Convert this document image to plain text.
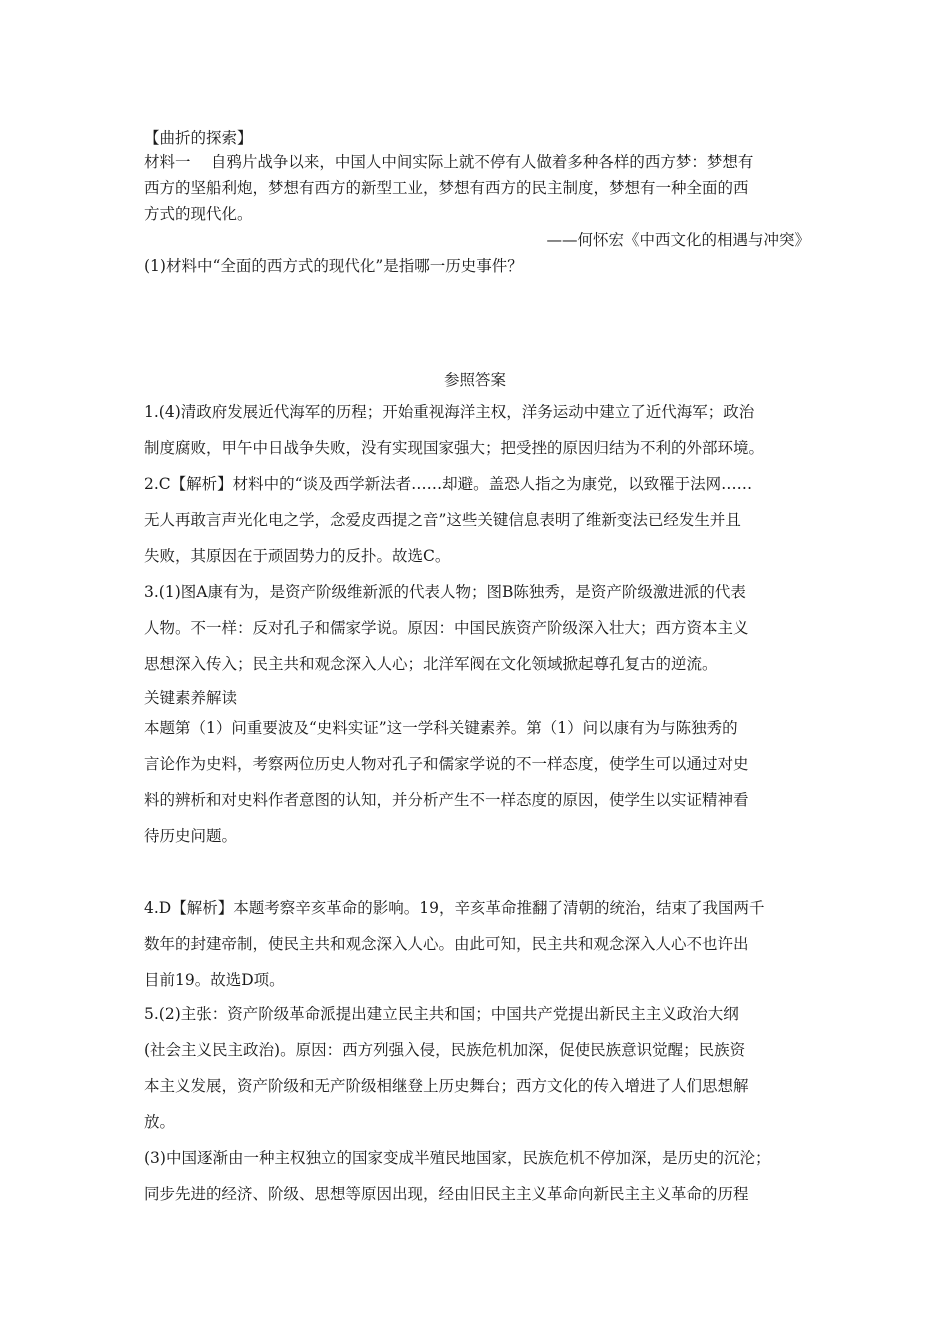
【曲折的探索】
材料一　 自鸦片战争以来，中国人中间实际上就不停有人做着多种各样的西方梦：梦想有
西方的坚船利炮，梦想有西方的新型工业，梦想有西方的民主制度，梦想有一种全面的西
方式的现代化。
——何怀宏《中西文化的相遇与冲突》
(1)材料中“全面的西方式的现代化”是指哪一历史事件？
参照答案
1.(4)清政府发展近代海军的历程；开始重视海洋主权，洋务运动中建立了近代海军；政治
制度腐败，甲午中日战争失败，没有实现国家强大；把受挫的原因归结为不利的外部环境。
2.C【解析】材料中的“谈及西学新法者……却避。盖恐人指之为康党，以致罹于法网……
无人再敢言声光化电之学，念爱皮西提之音”这些关键信息表明了维新变法已经发生并且
失败，其原因在于顽固势力的反扑。故选C。
3.(1)图A康有为，是资产阶级维新派的代表人物；图B陈独秀，是资产阶级激进派的代表
人物。不一样：反对孔子和儒家学说。原因：中国民族资产阶级深入壮大；西方资本主义
思想深入传入；民主共和观念深入人心；北洋军阀在文化领域掀起尊孔复古的逆流。
关键素养解读
本题第（1）问重要波及“史料实证”这一学科关键素养。第（1）问以康有为与陈独秀的
言论作为史料，考察两位历史人物对孔子和儒家学说的不一样态度，使学生可以通过对史
料的辨析和对史料作者意图的认知，并分析产生不一样态度的原因，使学生以实证精神看
待历史问题。
4.D【解析】本题考察辛亥革命的影响。19，辛亥革命推翻了清朝的统治，结束了我国两千
数年的封建帝制，使民主共和观念深入人心。由此可知，民主共和观念深入人心不也许出
目前19。故选D项。
5.(2)主张：资产阶级革命派提出建立民主共和国；中国共产党提出新民主主义政治大纲
(社会主义民主政治)。原因：西方列强入侵，民族危机加深，促使民族意识觉醒；民族资
本主义发展，资产阶级和无产阶级相继登上历史舞台；西方文化的传入增进了人们思想解
放。
(3)中国逐渐由一种主权独立的国家变成半殖民地国家，民族危机不停加深，是历史的沉沦；
同步先进的经济、阶级、思想等原因出现，经由旧民主主义革命向新民主主义革命的历程
